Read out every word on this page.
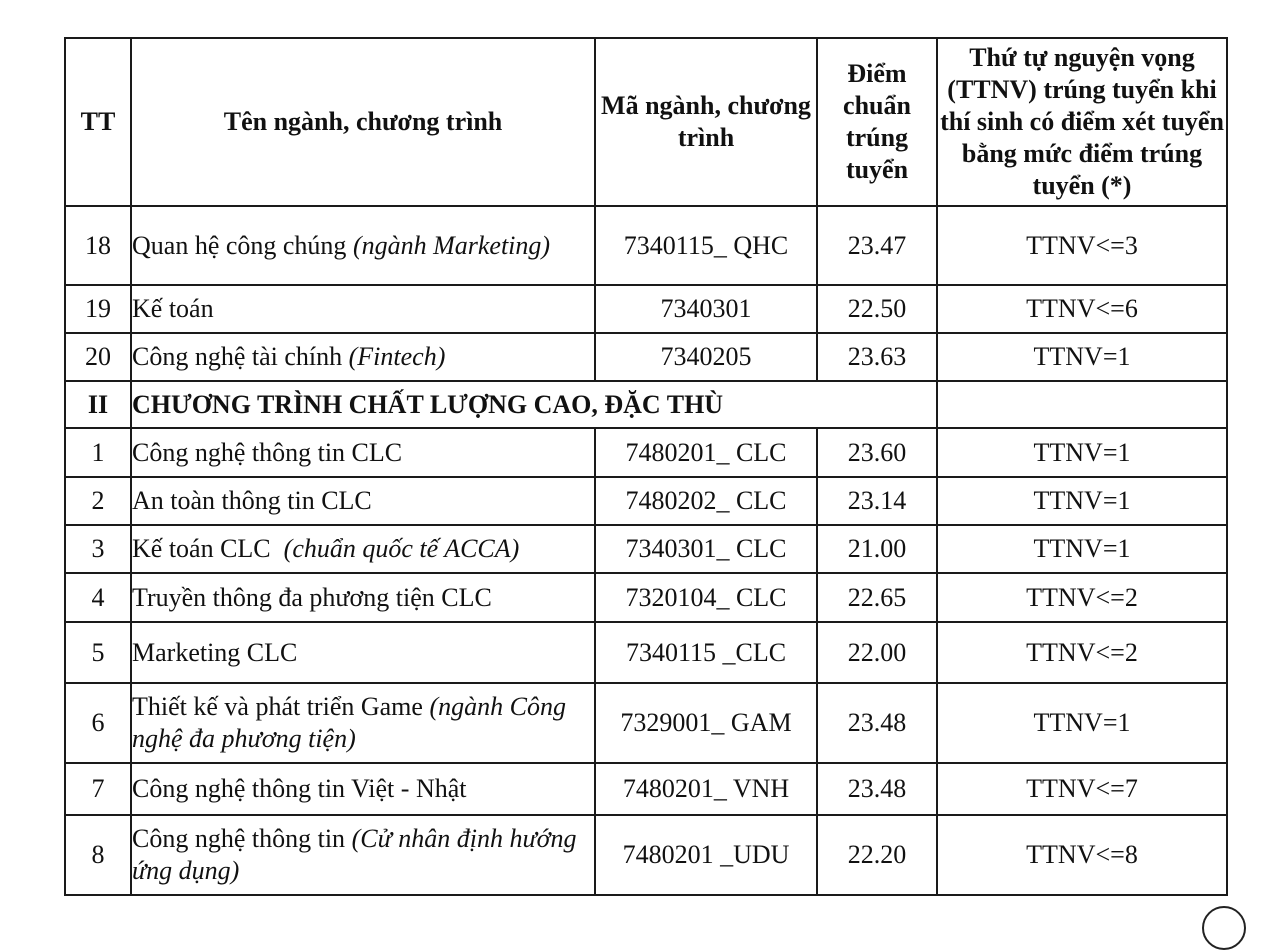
TT	Tên ngành, chương trình	Mã ngành, chương trình	Điểm chuẩn trúng tuyển	Thứ tự nguyện vọng (TTNV) trúng tuyển khi thí sinh có điểm xét tuyển bằng mức điểm trúng tuyển (*)
18	Quan hệ công chúng (ngành Marketing)	7340115_ QHC	23.47	TTNV<=3
19	Kế toán	7340301	22.50	TTNV<=6
20	Công nghệ tài chính (Fintech)	7340205	23.63	TTNV=1
II	CHƯƠNG TRÌNH CHẤT LƯỢNG CAO, ĐẶC THÙ			
1	Công nghệ thông tin CLC	7480201_ CLC	23.60	TTNV=1
2	An toàn thông tin CLC	7480202_ CLC	23.14	TTNV=1
3	Kế toán CLC  (chuẩn quốc tế ACCA)	7340301_ CLC	21.00	TTNV=1
4	Truyền thông đa phương tiện CLC	7320104_ CLC	22.65	TTNV<=2
5	Marketing CLC	7340115 _CLC	22.00	TTNV<=2
6	Thiết kế và phát triển Game (ngành Công nghệ đa phương tiện)	7329001_ GAM	23.48	TTNV=1
7	Công nghệ thông tin Việt - Nhật	7480201_ VNH	23.48	TTNV<=7
8	Công nghệ thông tin (Cử nhân định hướng ứng dụng)	7480201 _UDU	22.20	TTNV<=8
